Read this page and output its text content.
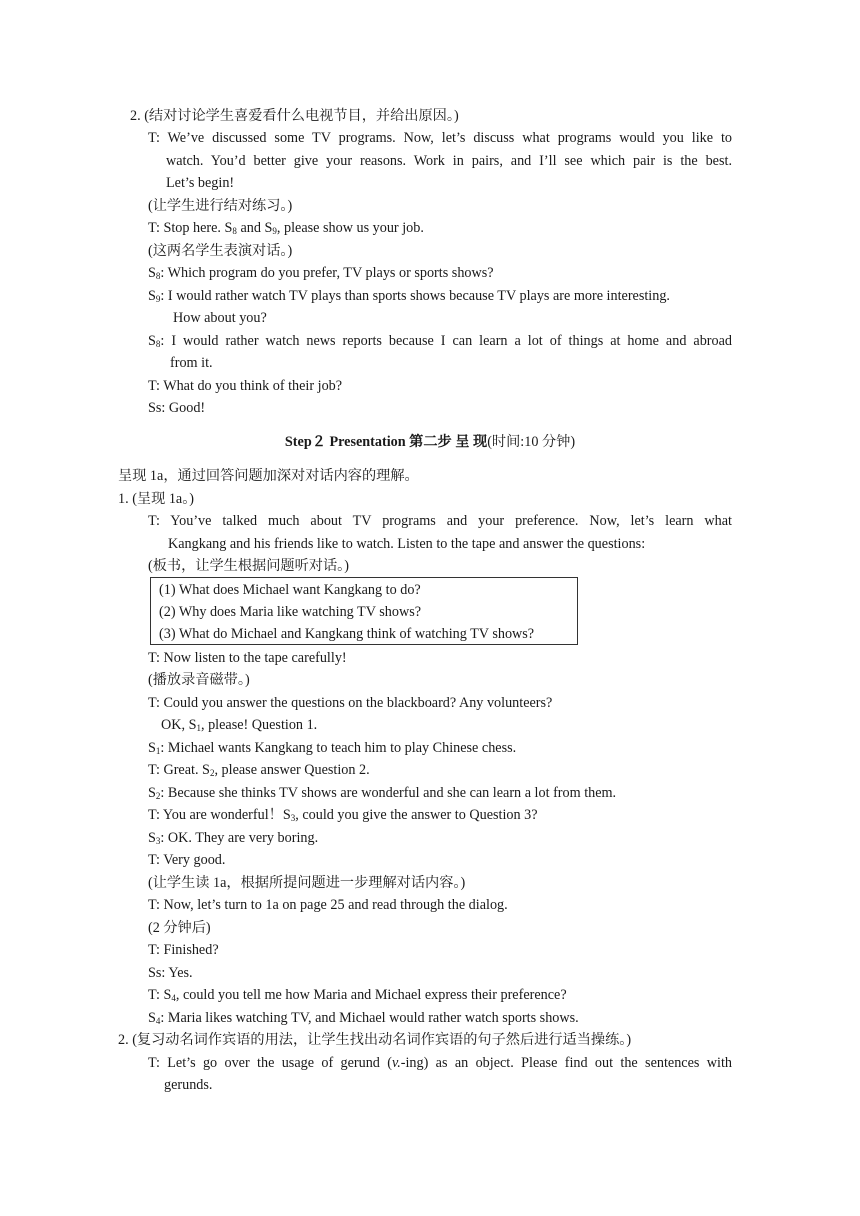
2. (结对讨论学生喜爱看什么电视节目，并给出原因。)
T: We’ve discussed some TV programs. Now, let’s discuss what programs would you like to
watch. You’d better give your reasons. Work in pairs, and I’ll see which pair is the best.
Let’s begin!
(让学生进行结对练习。)
T: Stop here. $S_8$ and $S_9$, please show us your job.
(这两名学生表演对话。)
$S_8$: Which program do you prefer, TV plays or sports shows?
$S_9$: I would rather watch TV plays than sports shows because TV plays are more interesting.
How about you?
$S_8$: I would rather watch news reports because I can learn a lot of things at home and abroad
from it.
T: What do you think of their job?
Ss: Good!
Step２ Presentation 第二步 呈 现(时间:10 分钟)
呈现 1a，通过回答问题加深对对话内容的理解。
1. (呈现 1a。)
T: You’ve talked much about TV programs and your preference. Now, let’s learn what
Kangkang and his friends like to watch. Listen to the tape and answer the questions:
(板书，让学生根据问题听对话。)
(1) What does Michael want Kangkang to do?
(2) Why does Maria like watching TV shows?
(3) What do Michael and Kangkang think of watching TV shows?
T: Now listen to the tape carefully!
(播放录音磁带。)
T: Could you answer the questions on the blackboard? Any volunteers?
OK, $S_1$, please! Question 1.
$S_1$: Michael wants Kangkang to teach him to play Chinese chess.
T: Great. $S_2$, please answer Question 2.
$S_2$: Because she thinks TV shows are wonderful and she can learn a lot from them.
T: You are wonderful！$S_3$, could you give the answer to Question 3?
$S_3$: OK. They are very boring.
T: Very good.
(让学生读 1a，根据所提问题进一步理解对话内容。)
T: Now, let’s turn to 1a on page 25 and read through the dialog.
(2 分钟后)
T: Finished?
Ss: Yes.
T: $S_4$, could you tell me how Maria and Michael express their preference?
$S_4$: Maria likes watching TV, and Michael would rather watch sports shows.
2. (复习动名词作宾语的用法，让学生找出动名词作宾语的句子然后进行适当操练。)
T: Let’s go over the usage of gerund (v.-ing) as an object. Please find out the sentences with
gerunds.
